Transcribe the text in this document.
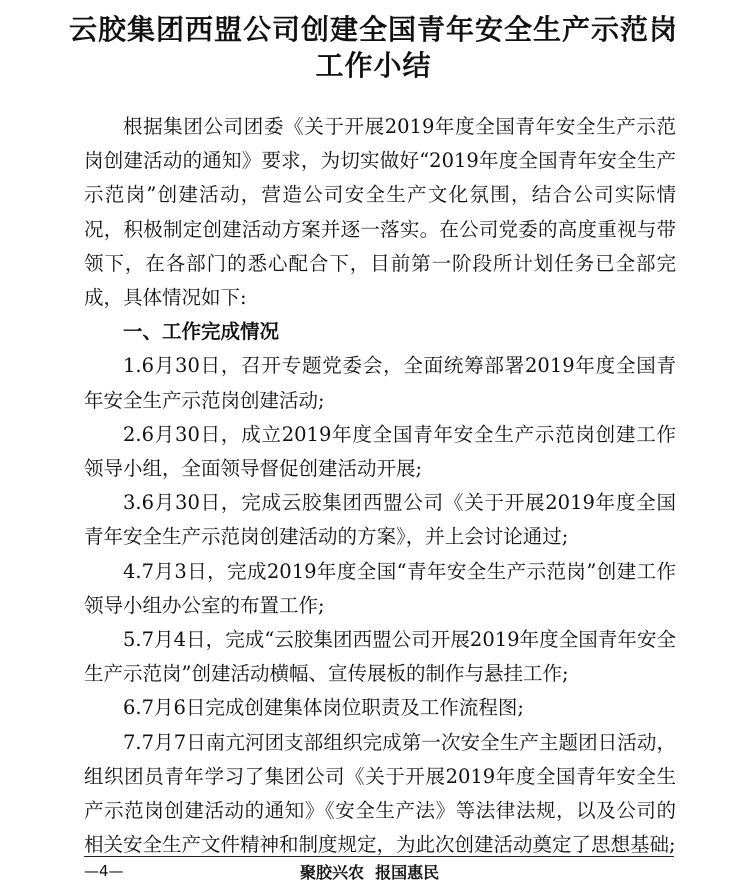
云胶集团西盟公司创建全国青年安全生产示范岗
工作小结

根据集团公司团委《关于开展2019年度全国青年安全生产示范岗创建活动的通知》要求，为切实做好“2019年度全国青年安全生产示范岗”创建活动，营造公司安全生产文化氛围，结合公司实际情况，积极制定创建活动方案并逐一落实。在公司党委的高度重视与带领下，在各部门的悉心配合下，目前第一阶段所计划任务已全部完成，具体情况如下:

一、工作完成情况

1.6月30日，召开专题党委会，全面统筹部署2019年度全国青年安全生产示范岗创建活动;

2.6月30日，成立2019年度全国青年安全生产示范岗创建工作领导小组，全面领导督促创建活动开展;

3.6月30日，完成云胶集团西盟公司《关于开展2019年度全国青年安全生产示范岗创建活动的方案》，并上会讨论通过;

4.7月3日，完成2019年度全国“青年安全生产示范岗”创建工作领导小组办公室的布置工作;

5.7月4日，完成“云胶集团西盟公司开展2019年度全国青年安全生产示范岗”创建活动横幅、宣传展板的制作与悬挂工作;

6.7月6日完成创建集体岗位职责及工作流程图;

7.7月7日南亢河团支部组织完成第一次安全生产主题团日活动，组织团员青年学习了集团公司《关于开展2019年度全国青年安全生产示范岗创建活动的通知》《安全生产法》等法律法规，以及公司的相关安全生产文件精神和制度规定，为此次创建活动奠定了思想基础;

—4—	聚胶兴农  报国惠民
